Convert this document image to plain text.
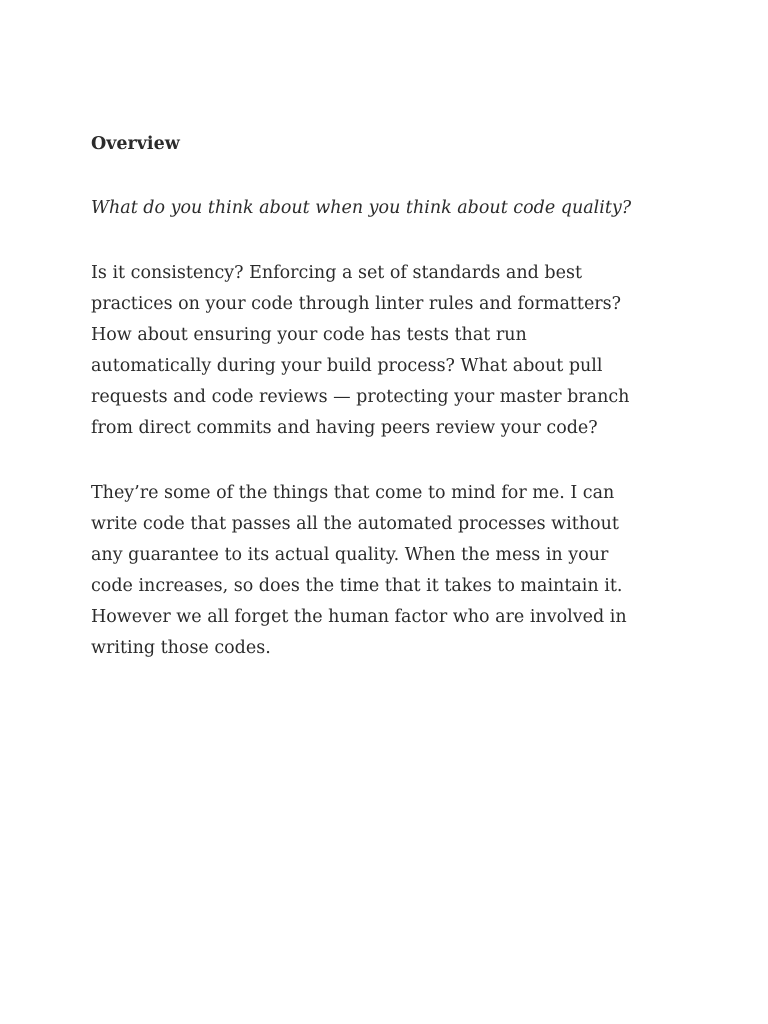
Overview
What do you think about when you think about code quality?
Is it consistency? Enforcing a set of standards and best
practices on your code through linter rules and formatters?
How about ensuring your code has tests that run
automatically during your build process? What about pull
requests and code reviews — protecting your master branch
from direct commits and having peers review your code?
They’re some of the things that come to mind for me. I can
write code that passes all the automated processes without
any guarantee to its actual quality. When the mess in your
code increases, so does the time that it takes to maintain it.
However we all forget the human factor who are involved in
writing those codes.
